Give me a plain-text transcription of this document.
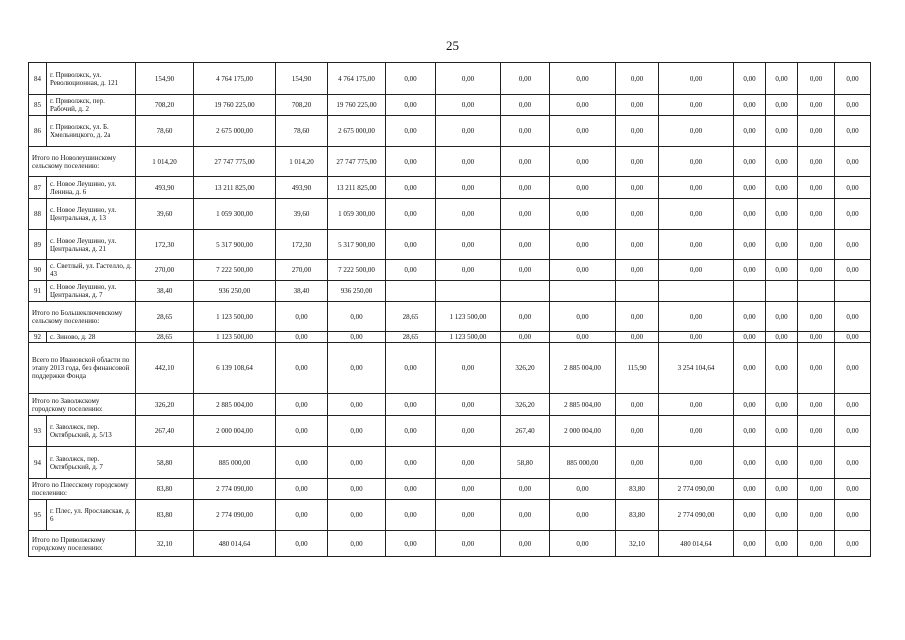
25
84	г. Приволжск, ул. Революционная, д. 121	154,90	4 764 175,00	154,90	4 764 175,00	0,00	0,00	0,00	0,00	0,00	0,00	0,00	0,00	0,00	0,00
85	г. Приволжск, пер. Рабочий, д. 2	708,20	19 760 225,00	708,20	19 760 225,00	0,00	0,00	0,00	0,00	0,00	0,00	0,00	0,00	0,00	0,00
86	г. Приволжск, ул. Б. Хмельницкого, д. 2а	78,60	2 675 000,00	78,60	2 675 000,00	0,00	0,00	0,00	0,00	0,00	0,00	0,00	0,00	0,00	0,00
Итого по Новолеушинскому сельскому поселению:		1 014,20	27 747 775,00	1 014,20	27 747 775,00	0,00	0,00	0,00	0,00	0,00	0,00	0,00	0,00	0,00	0,00
87	с. Новое Леушино, ул. Ленина, д. 6	493,90	13 211 825,00	493,90	13 211 825,00	0,00	0,00	0,00	0,00	0,00	0,00	0,00	0,00	0,00	0,00
88	с. Новое Леушино, ул. Центральная, д. 13	39,60	1 059 300,00	39,60	1 059 300,00	0,00	0,00	0,00	0,00	0,00	0,00	0,00	0,00	0,00	0,00
89	с. Новое Леушино, ул. Центральная, д. 21	172,30	5 317 900,00	172,30	5 317 900,00	0,00	0,00	0,00	0,00	0,00	0,00	0,00	0,00	0,00	0,00
90	с. Светлый, ул. Гастелло, д. 43	270,00	7 222 500,00	270,00	7 222 500,00	0,00	0,00	0,00	0,00	0,00	0,00	0,00	0,00	0,00	0,00
91	с. Новое Леушино, ул. Центральная, д. 7	38,40	936 250,00	38,40	936 250,00										
Итого по Большеключевскому сельскому поселению:		28,65	1 123 500,00	0,00	0,00	28,65	1 123 500,00	0,00	0,00	0,00	0,00	0,00	0,00	0,00	0,00
92	с. Зиново, д. 28	28,65	1 123 500,00	0,00	0,00	28,65	1 123 500,00	0,00	0,00	0,00	0,00	0,00	0,00	0,00	0,00
Всего по Ивановской области по этапу 2013 года, без финансовой поддержки Фонда		442,10	6 139 108,64	0,00	0,00	0,00	0,00	326,20	2 885 004,00	115,90	3 254 104,64	0,00	0,00	0,00	0,00
Итого по Заволжскому городскому поселению:		326,20	2 885 004,00	0,00	0,00	0,00	0,00	326,20	2 885 004,00	0,00	0,00	0,00	0,00	0,00	0,00
93	г. Заволжск, пер. Октябрьский, д. 5/13	267,40	2 000 004,00	0,00	0,00	0,00	0,00	267,40	2 000 004,00	0,00	0,00	0,00	0,00	0,00	0,00
94	г. Заволжск, пер. Октябрьский, д. 7	58,80	885 000,00	0,00	0,00	0,00	0,00	58,80	885 000,00	0,00	0,00	0,00	0,00	0,00	0,00
Итого по Плесскому городскому поселению:		83,80	2 774 090,00	0,00	0,00	0,00	0,00	0,00	0,00	83,80	2 774 090,00	0,00	0,00	0,00	0,00
95	г. Плес, ул. Ярославская, д. 6	83,80	2 774 090,00	0,00	0,00	0,00	0,00	0,00	0,00	83,80	2 774 090,00	0,00	0,00	0,00	0,00
Итого по Приволжскому городскому поселению:		32,10	480 014,64	0,00	0,00	0,00	0,00	0,00	0,00	32,10	480 014,64	0,00	0,00	0,00	0,00
